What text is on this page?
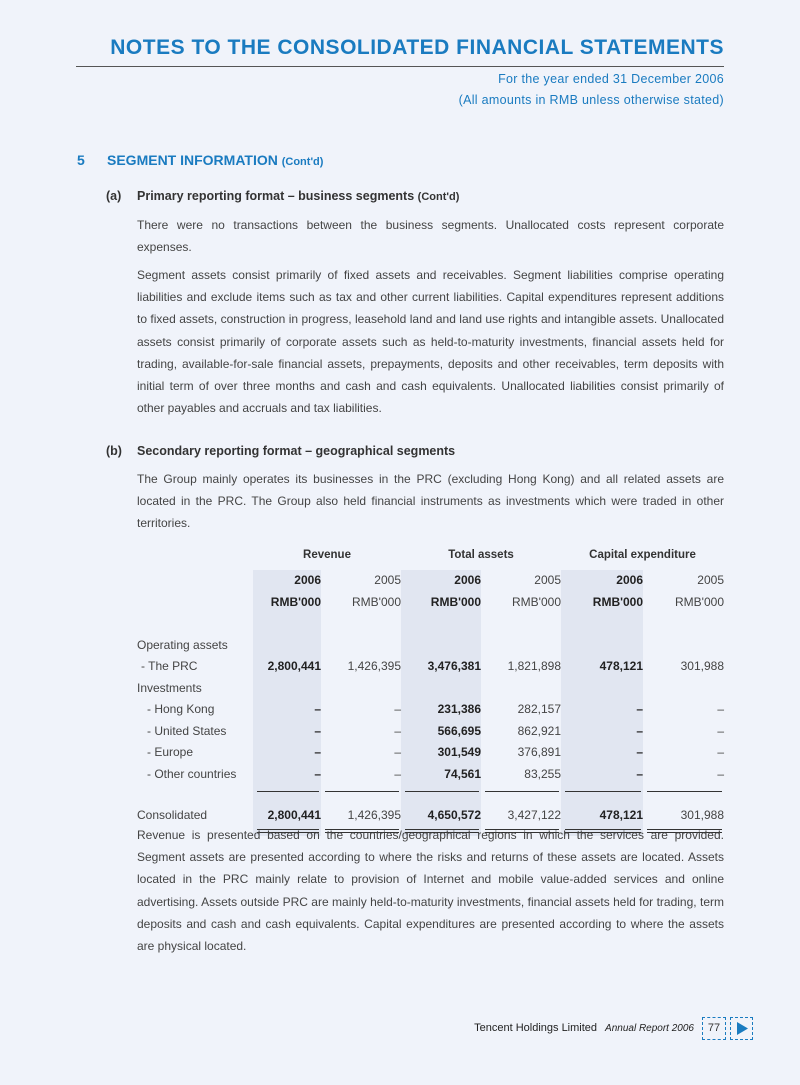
NOTES TO THE CONSOLIDATED FINANCIAL STATEMENTS
For the year ended 31 December 2006
(All amounts in RMB unless otherwise stated)
5 SEGMENT INFORMATION (Cont'd)
(a) Primary reporting format – business segments (Cont'd)

There were no transactions between the business segments. Unallocated costs represent corporate expenses.

Segment assets consist primarily of fixed assets and receivables. Segment liabilities comprise operating liabilities and exclude items such as tax and other current liabilities. Capital expenditures represent additions to fixed assets, construction in progress, leasehold land and land use rights and intangible assets. Unallocated assets consist primarily of corporate assets such as held-to-maturity investments, financial assets held for trading, available-for-sale financial assets, prepayments, deposits and other receivables, term deposits with initial term of over three months and cash and cash equivalents. Unallocated liabilities consist primarily of other payables and accruals and tax liabilities.

(b) Secondary reporting format – geographical segments

The Group mainly operates its businesses in the PRC (excluding Hong Kong) and all related assets are located in the PRC. The Group also held financial instruments as investments which were traded in other territories.

	Revenue		Total assets		Capital expenditure	

	2006	2005	2006	2005	2006	2005
	RMB'000	RMB'000	RMB'000	RMB'000	RMB'000	RMB'000

Operating assets						
- The PRC	2,800,441	1,426,395	3,476,381	1,821,898	478,121	301,988
Investments						
- Hong Kong	–	–	231,386	282,157	–	–
- United States	–	–	566,695	862,921	–	–
- Europe	–	–	301,549	376,891	–	–
- Other countries	–	–	74,561	83,255	–	–

Consolidated	2,800,441	1,426,395	4,650,572	3,427,122	478,121	301,988

Revenue is presented based on the countries/geographical regions in which the services are provided. Segment assets are presented according to where the risks and returns of these assets are located. Assets located in the PRC mainly relate to provision of Internet and mobile value-added services and online advertising. Assets outside PRC are mainly held-to-maturity investments, financial assets held for trading, term deposits and cash and cash equivalents. Capital expenditures are presented according to where the assets are physical located.

Tencent Holdings Limited Annual Report 2006	77
